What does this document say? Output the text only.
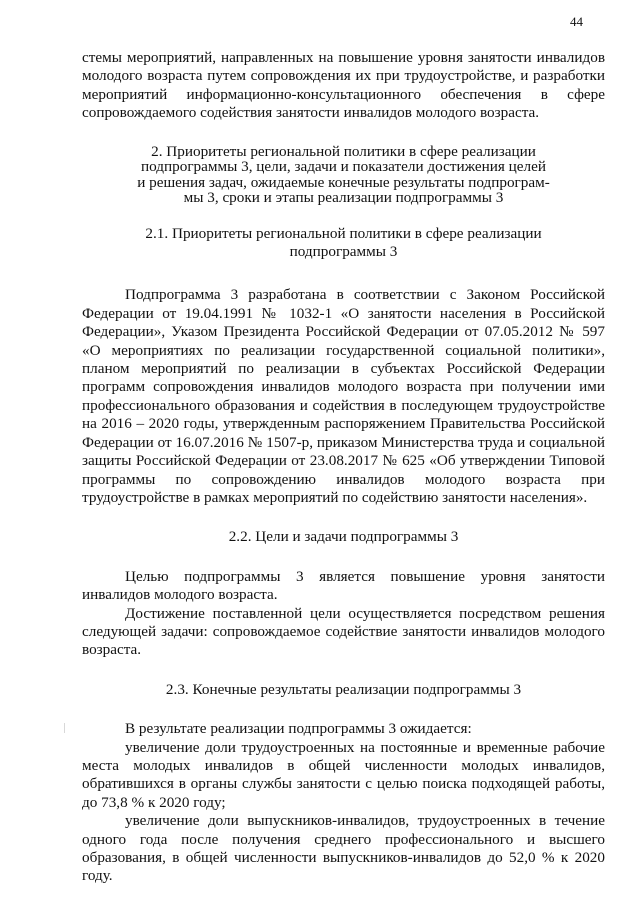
44

стемы мероприятий, направленных на повышение уровня занятости инвалидов молодого возраста путем сопровождения их при трудоустройстве, и разработки мероприятий информационно-консультационного обеспечения в сфере сопровождаемого содействия занятости инвалидов молодого возраста.

2. Приоритеты региональной политики в сфере реализации

подпрограммы 3, цели, задачи и показатели достижения целей

и решения задач, ожидаемые конечные результаты подпрограм-

мы 3, сроки и этапы реализации подпрограммы 3

2.1. Приоритеты региональной политики в сфере реализации

подпрограммы 3

Подпрограмма 3 разработана в соответствии с Законом Российской Федерации от 19.04.1991 № 1032-1 «О занятости населения в Российской Федерации», Указом Президента Российской Федерации от 07.05.2012 № 597 «О мероприятиях по реализации государственной социальной политики», планом мероприятий по реализации в субъектах Российской Федерации программ сопровождения инвалидов молодого возраста при получении ими профессионального образования и содействия в последующем трудоустройстве на 2016 – 2020 годы, утвержденным распоряжением Правительства Российской Федерации от 16.07.2016 № 1507-р, приказом Министерства труда и социальной защиты Российской Федерации от 23.08.2017 № 625 «Об утверждении Типовой программы по сопровождению инвалидов молодого возраста при трудоустройстве в рамках мероприятий по содействию занятости населения».

2.2. Цели и задачи подпрограммы 3

Целью подпрограммы 3 является повышение уровня занятости инвалидов молодого возраста.

Достижение поставленной цели осуществляется посредством решения следующей задачи: сопровождаемое содействие занятости инвалидов молодого возраста.

2.3. Конечные результаты реализации подпрограммы 3

В результате реализации подпрограммы 3 ожидается:

увеличение доли трудоустроенных на постоянные и временные рабочие места молодых инвалидов в общей численности молодых инвалидов, обратившихся в органы службы занятости с целью поиска подходящей работы, до 73,8 % к 2020 году;

увеличение доли выпускников-инвалидов, трудоустроенных в течение одного года после получения среднего профессионального и высшего образования, в общей численности выпускников-инвалидов до 52,0 % к 2020 году.
